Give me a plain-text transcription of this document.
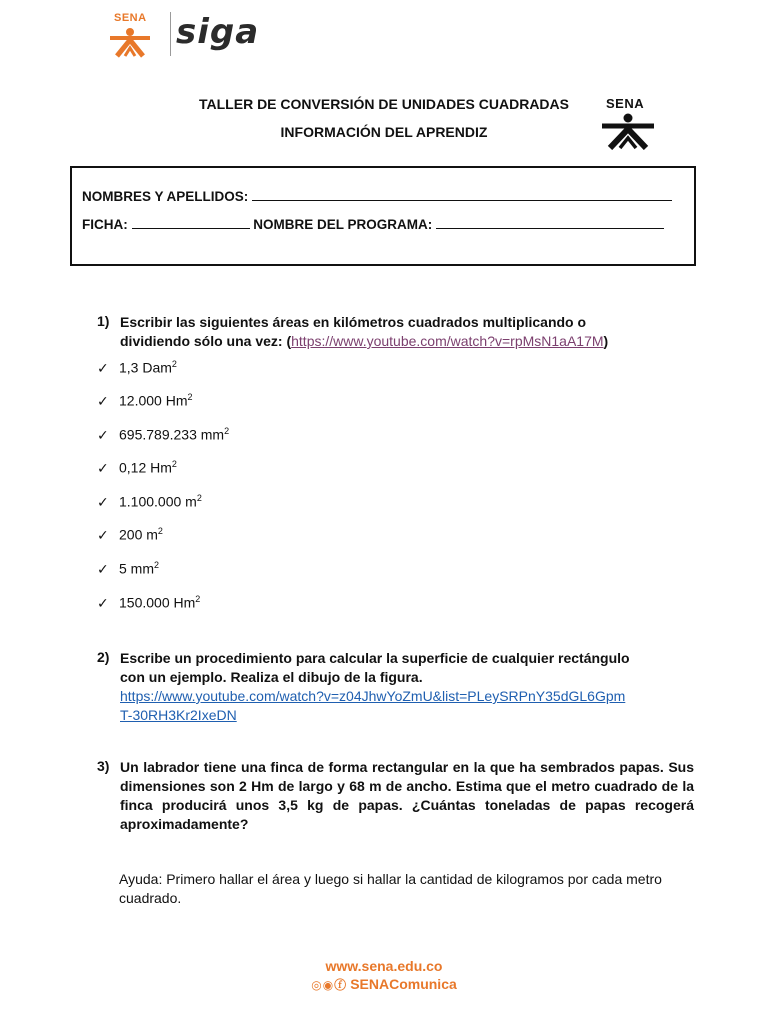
SENA siga
SENA
TALLER DE CONVERSIÓN DE UNIDADES CUADRADAS
INFORMACIÓN DEL APRENDIZ
NOMBRES Y APELLIDOS:
FICHA:	NOMBRE DEL PROGRAMA:
1) Escribir las siguientes áreas en kilómetros cuadrados multiplicando o
dividiendo sólo una vez: (https://www.youtube.com/watch?v=rpMsN1aA17M)
✓ 1,3 Dam$^2$
✓ 12.000 Hm$^2$
✓ 695.789.233 $mm^2$
✓ 0,12 Hm$^2$
✓ 1.100.000 $m^2$
✓ 200 $m^2$
✓ 5 $mm^2$
✓ 150.000 Hm$^2$
2) Escribe un procedimiento para calcular la superficie de cualquier rectángulo
con un ejemplo. Realiza el dibujo de la figura.
https://www.youtube.com/watch?v=z04JhwYoZmU&list=PLeySRPnY35dGL6Gpm
T-30RH3Kr2IxeDN
3) Un labrador tiene una finca de forma rectangular en la que ha sembrados papas. Sus dimensiones son 2 Hm de largo y 68 m de ancho. Estima que el metro cuadrado de la finca producirá unos 3,5 kg de papas. ¿Cuántas toneladas de papas recogerá aproximadamente?
Ayuda: Primero hallar el área y luego si hallar la cantidad de kilogramos por cada metro cuadrado.
www.sena.edu.co
◎◉ⓕ SENAComunica
